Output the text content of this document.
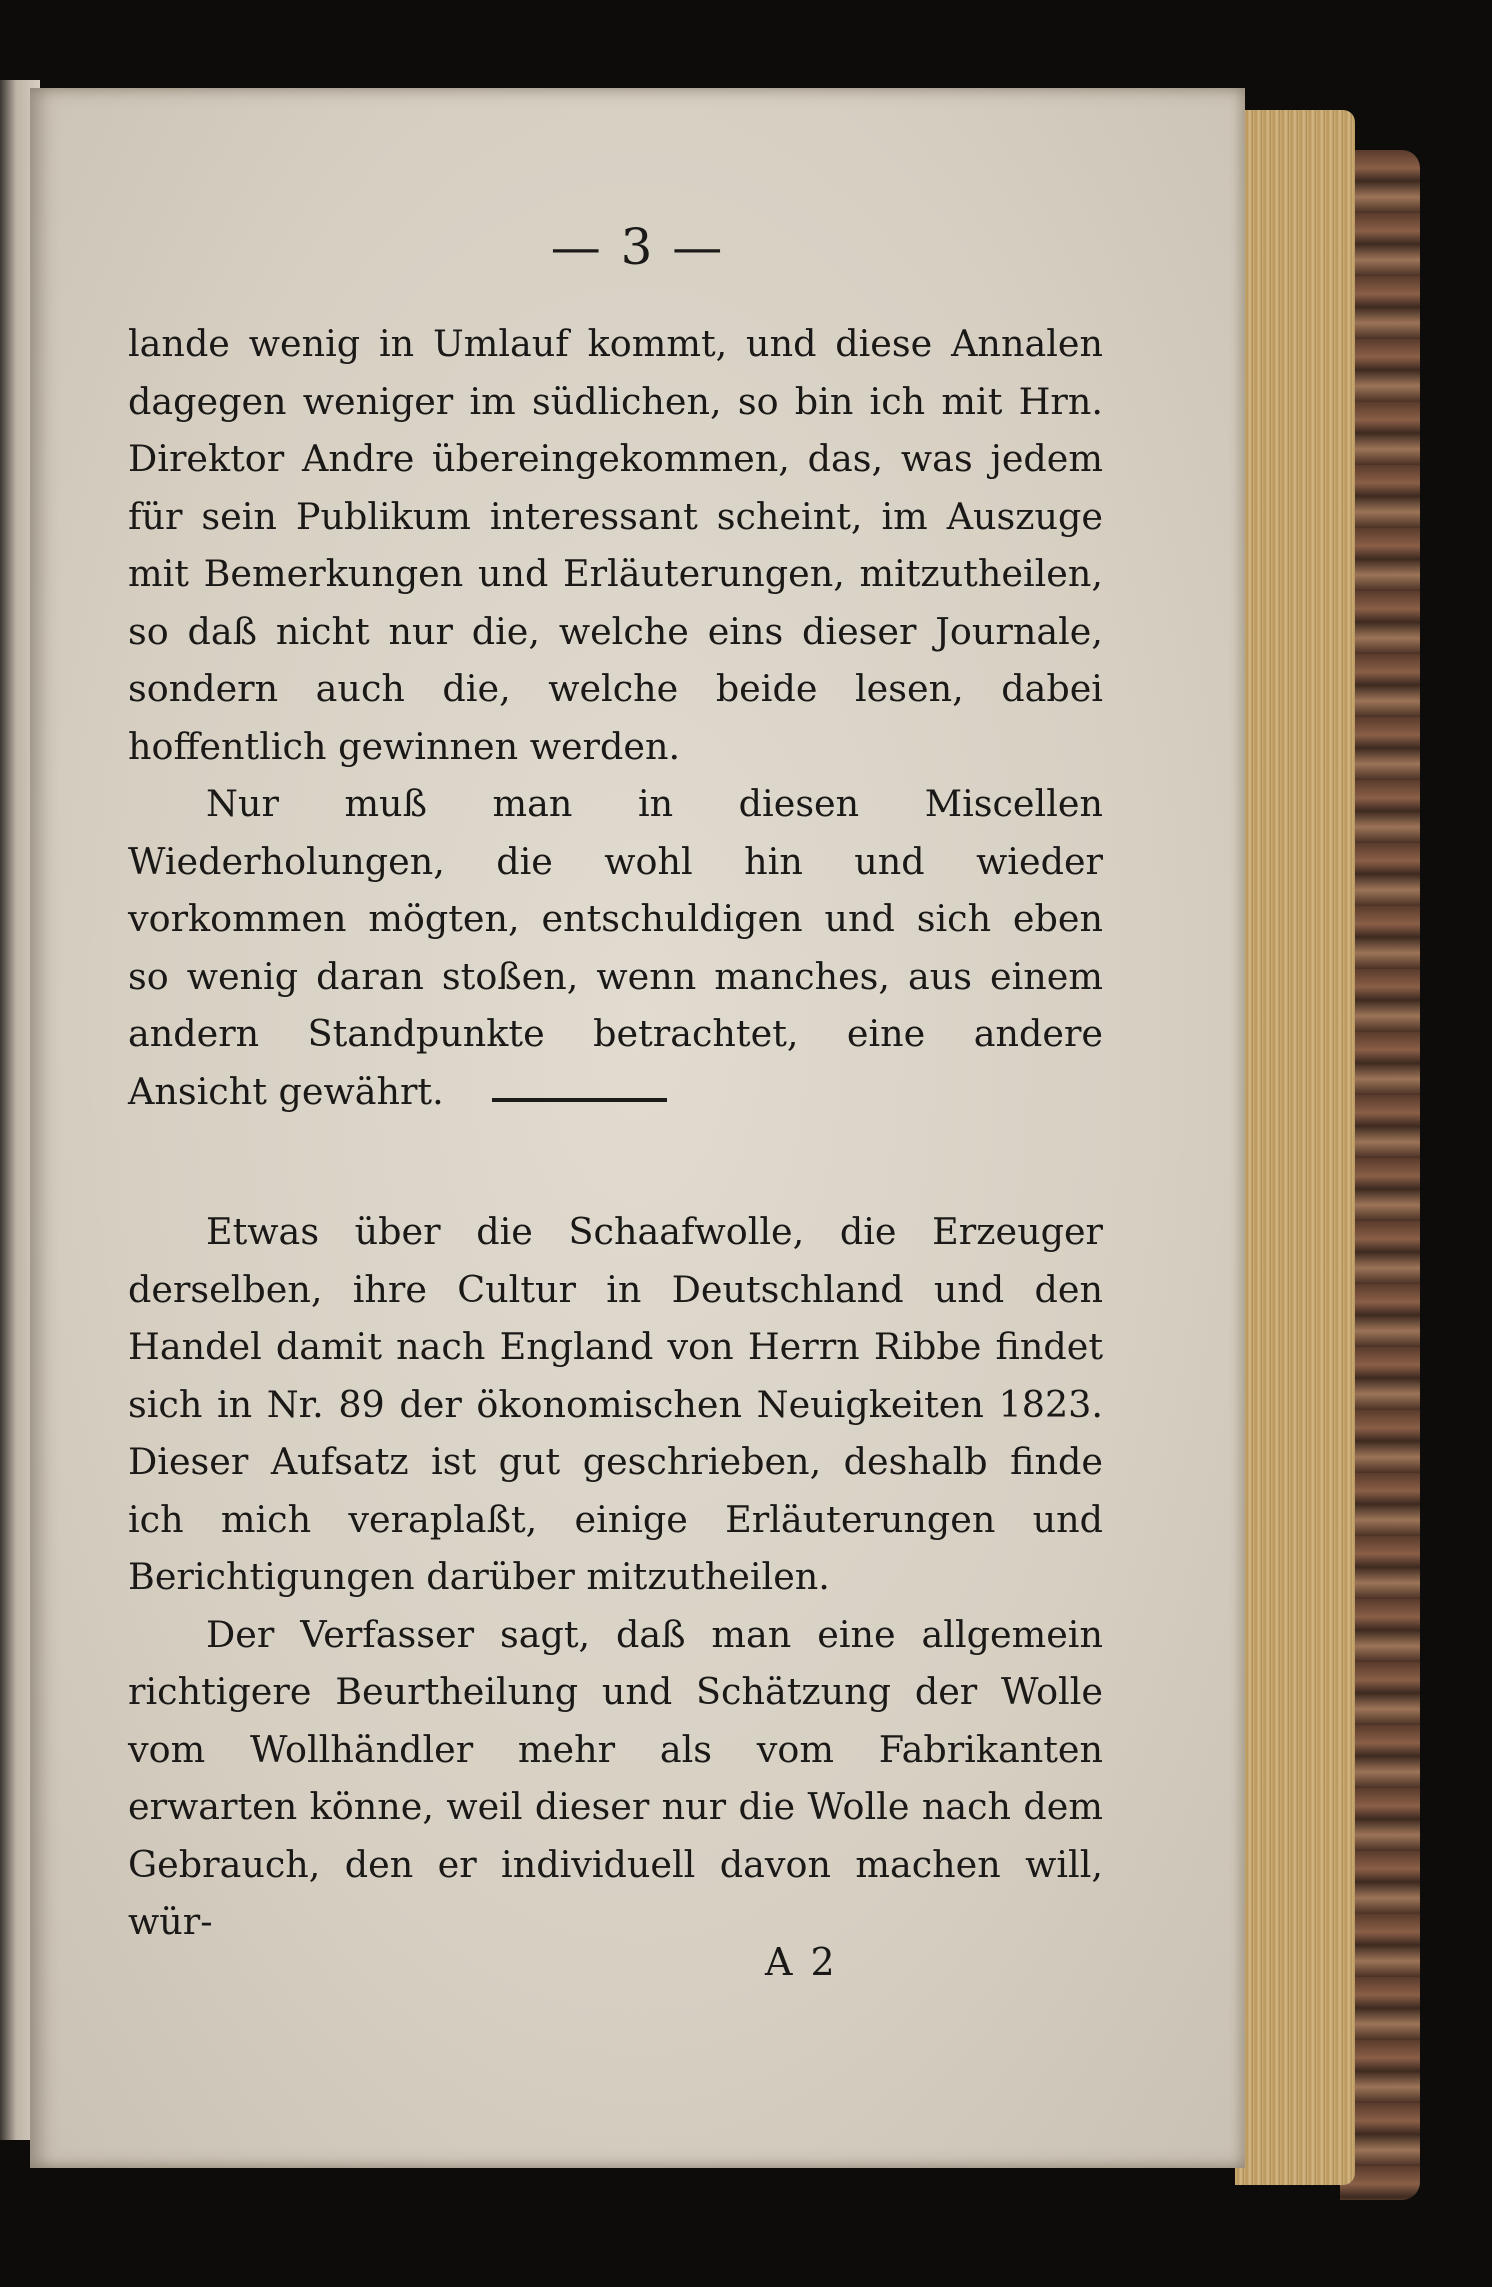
— 3 —

lande wenig in Umlauf kommt, und diese Annalen dagegen weniger im südlichen, so bin ich mit Hrn. Direktor Andre übereingekommen, das, was jedem für sein Publikum interessant scheint, im Auszuge mit Bemerkungen und Erläuterungen, mitzutheilen, so daß nicht nur die, welche eins dieser Journale, sondern auch die, welche beide lesen, dabei hoffentlich gewinnen werden.

Nur muß man in diesen Miscellen Wiederholungen, die wohl hin und wieder vorkommen mögten, entschuldigen und sich eben so wenig daran stoßen, wenn manches, aus einem andern Standpunkte betrachtet, eine andere Ansicht gewährt.

Etwas über die Schaafwolle, die Erzeuger derselben, ihre Cultur in Deutschland und den Handel damit nach England von Herrn Ribbe findet sich in Nr. 89 der ökonomischen Neuigkeiten 1823. Dieser Aufsatz ist gut geschrieben, deshalb finde ich mich veraplaßt, einige Erläuterungen und Berichtigungen darüber mitzutheilen.

Der Verfasser sagt, daß man eine allgemein richtigere Beurtheilung und Schätzung der Wolle vom Wollhändler mehr als vom Fabrikanten erwarten könne, weil dieser nur die Wolle nach dem Gebrauch, den er individuell davon machen will, wür-

A 2
